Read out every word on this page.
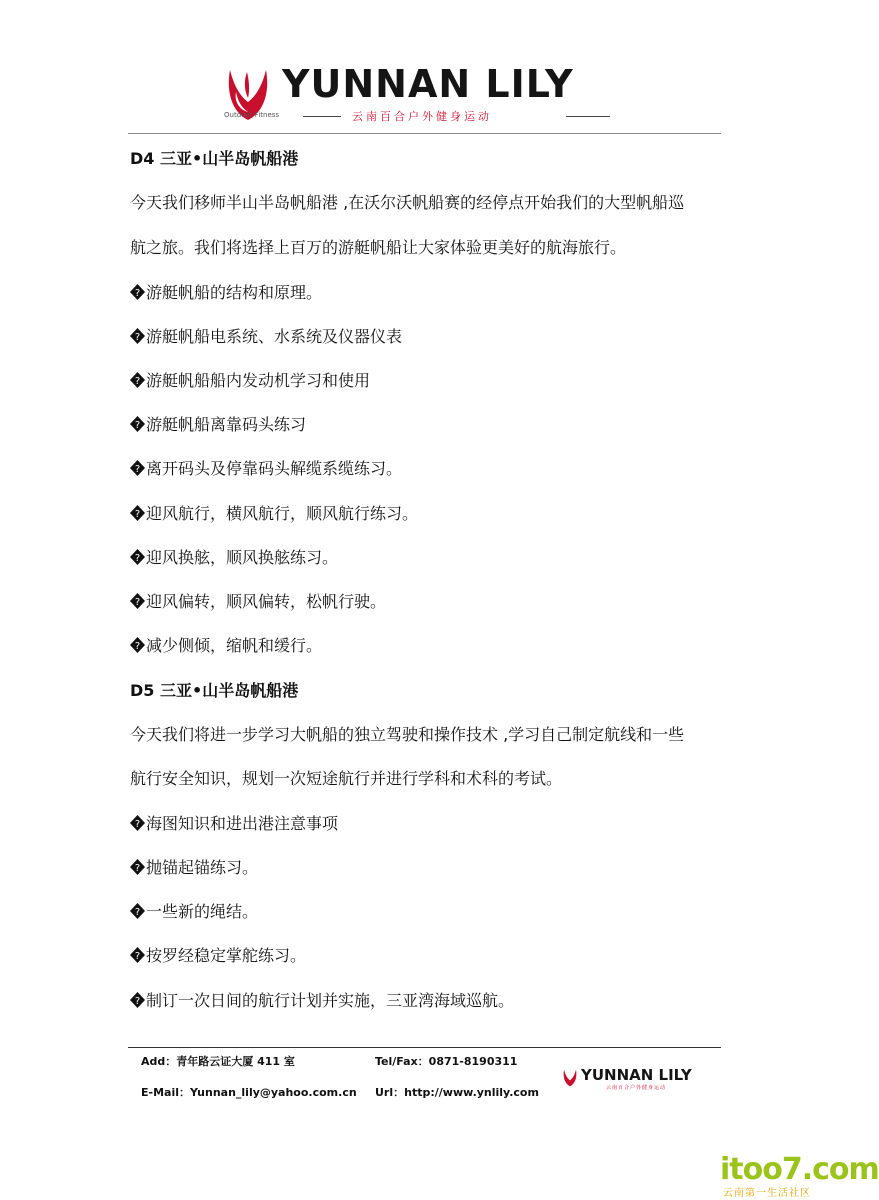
YUNNAN LILY
Outdoor Fitness	云南百合户外健身运动
D4 三亚•山半岛帆船港
今天我们移师半山半岛帆船港 ,在沃尔沃帆船赛的经停点开始我们的大型帆船巡
航之旅。我们将选择上百万的游艇帆船让大家体验更美好的航海旅行。
? 游艇帆船的结构和原理。
? 游艇帆船电系统、水系统及仪器仪表
? 游艇帆船船内发动机学习和使用
? 游艇帆船离靠码头练习
? 离开码头及停靠码头解缆系缆练习。
? 迎风航行，横风航行，顺风航行练习。
? 迎风换舷，顺风换舷练习。
? 迎风偏转，顺风偏转，松帆行驶。
? 减少侧倾，缩帆和缓行。
D5 三亚•山半岛帆船港
今天我们将进一步学习大帆船的独立驾驶和操作技术 ,学习自己制定航线和一些
航行安全知识，规划一次短途航行并进行学科和术科的考试。
? 海图知识和进出港注意事项
? 抛锚起锚练习。
? 一些新的绳结。
? 按罗经稳定掌舵练习。
? 制订一次日间的航行计划并实施，三亚湾海域巡航。
Add：青年路云证大厦 411 室	Tel/Fax：0871-8190311
E-Mail：Yunnan_lily@yahoo.com.cn Url：http://www.ynlily.com
YUNNAN LILY
云南百合户外健身运动
itoo7.com
云南第一生活社区
